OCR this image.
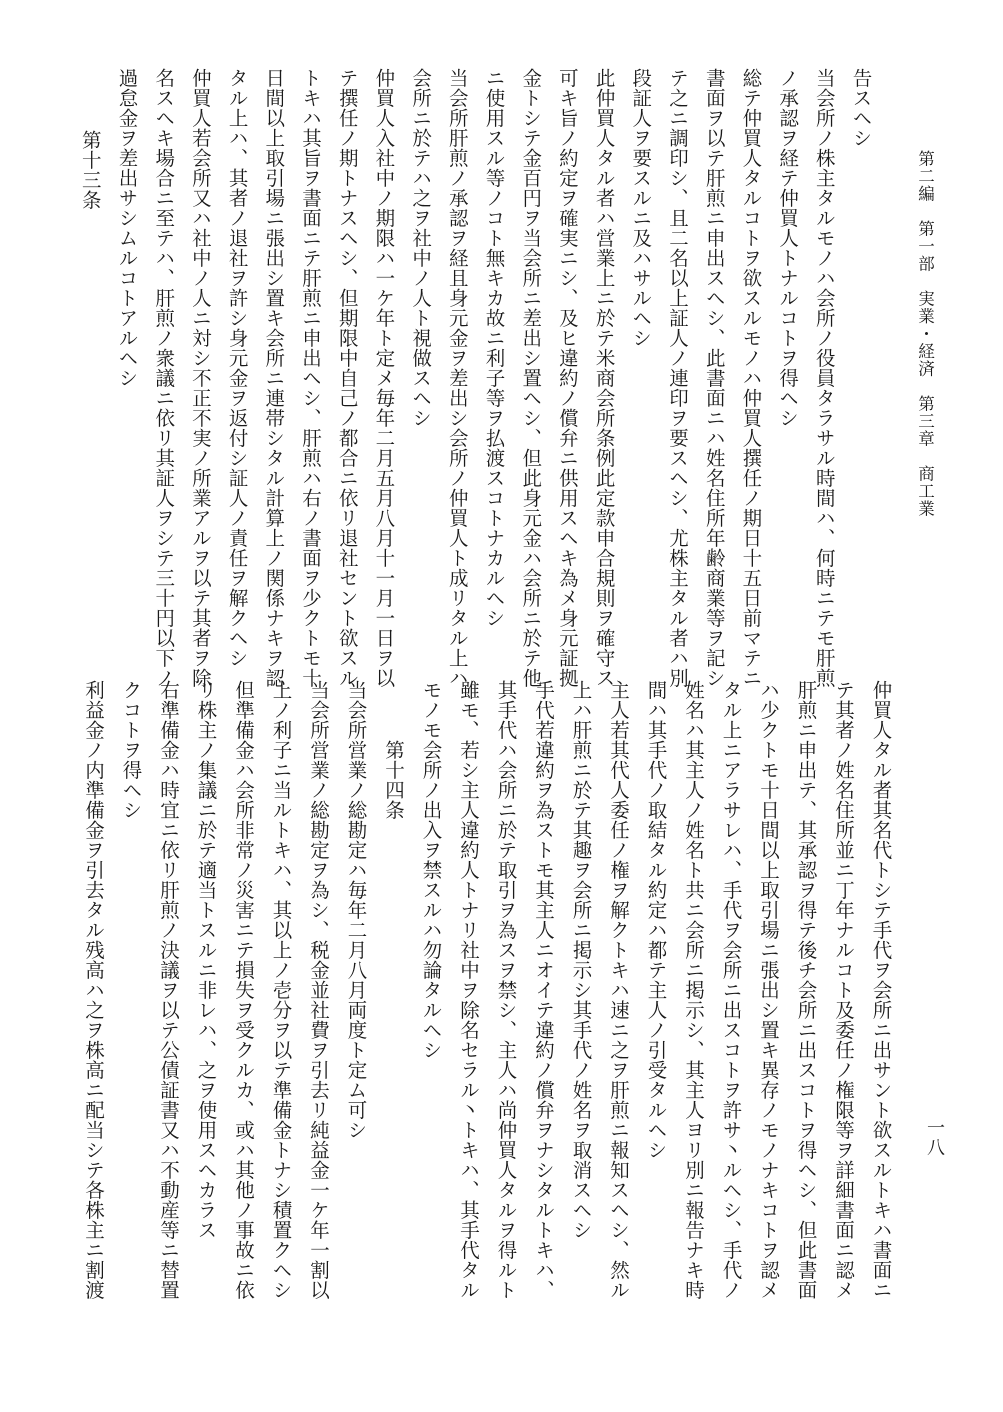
第二編　第一部　実業・経済　第三章　商工業
一八
告スヘシ
当会所ノ株主タルモノハ会所ノ役員タラサル時間ハ、何時ニテモ肝煎
ノ承認ヲ経テ仲買人トナルコトヲ得ヘシ
総テ仲買人タルコトヲ欲スルモノハ仲買人撰任ノ期日十五日前マテニ
書面ヲ以テ肝煎ニ申出スヘシ、此書面ニハ姓名住所年齢商業等ヲ記シ
テ之ニ調印シ、且二名以上証人ノ連印ヲ要スヘシ、尤株主タル者ハ別
段証人ヲ要スルニ及ハサルヘシ
此仲買人タル者ハ営業上ニ於テ米商会所条例此定款申合規則ヲ確守ス
可キ旨ノ約定ヲ確実ニシ、及ヒ違約ノ償弁ニ供用スヘキ為メ身元証拠
金トシテ金百円ヲ当会所ニ差出シ置ヘシ、但此身元金ハ会所ニ於テ他
ニ使用スル等ノコト無キカ故ニ利子等ヲ払渡スコトナカルヘシ
当会所肝煎ノ承認ヲ経且身元金ヲ差出シ会所ノ仲買人ト成リタル上ハ
会所ニ於テハ之ヲ社中ノ人ト視做スヘシ
仲買人入社中ノ期限ハ一ケ年ト定メ毎年二月五月八月十一月一日ヲ以
テ撰任ノ期トナスヘシ、但期限中自己ノ都合ニ依リ退社セント欲スル
トキハ其旨ヲ書面ニテ肝煎ニ申出ヘシ、肝煎ハ右ノ書面ヲ少クトモ十
日間以上取引場ニ張出シ置キ会所ニ連帯シタル計算上ノ関係ナキヲ認
タル上ハ、其者ノ退社ヲ許シ身元金ヲ返付シ証人ノ責任ヲ解クヘシ
仲買人若会所又ハ社中ノ人ニ対シ不正不実ノ所業アルヲ以テ其者ヲ除
名スヘキ場合ニ至テハ、肝煎ノ衆議ニ依リ其証人ヲシテ三十円以下ノ
過怠金ヲ差出サシムルコトアルヘシ
第十三条
仲買人タル者其名代トシテ手代ヲ会所ニ出サント欲スルトキハ書面ニ
テ其者ノ姓名住所並ニ丁年ナルコト及委任ノ権限等ヲ詳細書面ニ認メ
肝煎ニ申出テ、其承認ヲ得テ後チ会所ニ出スコトヲ得ヘシ、但此書面
ハ少クトモ十日間以上取引場ニ張出シ置キ異存ノモノナキコトヲ認メ
タル上ニアラサレハ、手代ヲ会所ニ出スコトヲ許サ丶ルヘシ、手代ノ
姓名ハ其主人ノ姓名ト共ニ会所ニ掲示シ、其主人ヨリ別ニ報告ナキ時
間ハ其手代ノ取結タル約定ハ都テ主人ノ引受タルヘシ
主人若其代人委任ノ権ヲ解クトキハ速ニ之ヲ肝煎ニ報知スヘシ、然ル
上ハ肝煎ニ於テ其趣ヲ会所ニ掲示シ其手代ノ姓名ヲ取消スヘシ
手代若違約ヲ為ストモ其主人ニオイテ違約ノ償弁ヲナシタルトキハ、
其手代ハ会所ニ於テ取引ヲ為スヲ禁シ、主人ハ尚仲買人タルヲ得ルト
雖モ、若シ主人違約人トナリ社中ヲ除名セラル丶トキハ、其手代タル
モノモ会所ノ出入ヲ禁スルハ勿論タルヘシ
第十四条
当会所営業ノ総勘定ハ毎年二月八月両度ト定ム可シ
当会所営業ノ総勘定ヲ為シ、税金並社費ヲ引去リ純益金一ケ年一割以
上ノ利子ニ当ルトキハ、其以上ノ壱分ヲ以テ準備金トナシ積置クヘシ
但準備金ハ会所非常ノ災害ニテ損失ヲ受クルカ、或ハ其他ノ事故ニ依
リ株主ノ集議ニ於テ適当トスルニ非レハ、之ヲ使用スヘカラス
右準備金ハ時宜ニ依リ肝煎ノ決議ヲ以テ公債証書又ハ不動産等ニ替置
クコトヲ得ヘシ
利益金ノ内準備金ヲ引去タル残高ハ之ヲ株高ニ配当シテ各株主ニ割渡
